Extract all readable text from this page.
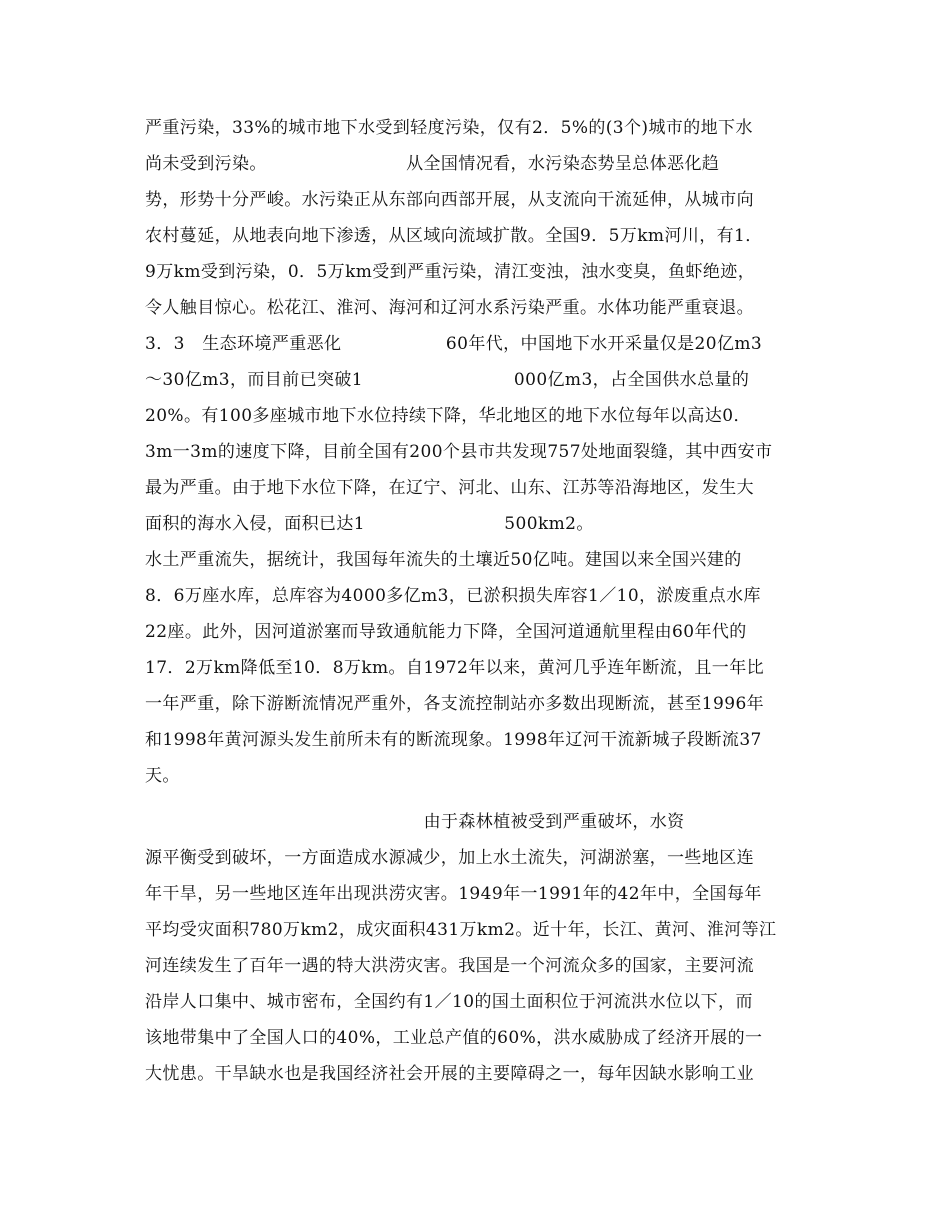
严重污染，33%的城市地下水受到轻度污染，仅有2．5%的(3个)城市的地下水
尚未受到污染。                        从全国情况看，水污染态势呈总体恶化趋
势，形势十分严峻。水污染正从东部向西部开展，从支流向干流延伸，从城市向
农村蔓延，从地表向地下渗透，从区域向流域扩散。全国9．5万km河川，有1．
9万km受到污染，0．5万km受到严重污染，清江变浊，浊水变臭，鱼虾绝迹，
令人触目惊心。松花江、淮河、海河和辽河水系污染严重。水体功能严重衰退。
3．3   生态环境严重恶化                  60年代，中国地下水开采量仅是20亿m3
～30亿m3，而目前已突破1                          000亿m3，占全国供水总量的
20%。有100多座城市地下水位持续下降，华北地区的地下水位每年以高达0．
3m一3m的速度下降，目前全国有200个县市共发现757处地面裂缝，其中西安市
最为严重。由于地下水位下降，在辽宁、河北、山东、江苏等沿海地区，发生大
面积的海水入侵，面积已达1                        500km2。
水土严重流失，据统计，我国每年流失的土壤近50亿吨。建国以来全国兴建的
8．6万座水库，总库容为4000多亿m3，已淤积损失库容1／10，淤废重点水库
22座。此外，因河道淤塞而导致通航能力下降，全国河道通航里程由60年代的
17．2万km降低至10．8万km。自1972年以来，黄河几乎连年断流，且一年比
一年严重，除下游断流情况严重外，各支流控制站亦多数出现断流，甚至1996年
和1998年黄河源头发生前所未有的断流现象。1998年辽河干流新城子段断流37
天。
由于森林植被受到严重破坏，水资
源平衡受到破坏，一方面造成水源减少，加上水土流失，河湖淤塞，一些地区连
年干旱，另一些地区连年出现洪涝灾害。1949年一1991年的42年中，全国每年
平均受灾面积780万km2，成灾面积431万km2。近十年，长江、黄河、淮河等江
河连续发生了百年一遇的特大洪涝灾害。我国是一个河流众多的国家，主要河流
沿岸人口集中、城市密布，全国约有1／10的国土面积位于河流洪水位以下，而
该地带集中了全国人口的40%，工业总产值的60%，洪水威胁成了经济开展的一
大忧患。干旱缺水也是我国经济社会开展的主要障碍之一，每年因缺水影响工业
